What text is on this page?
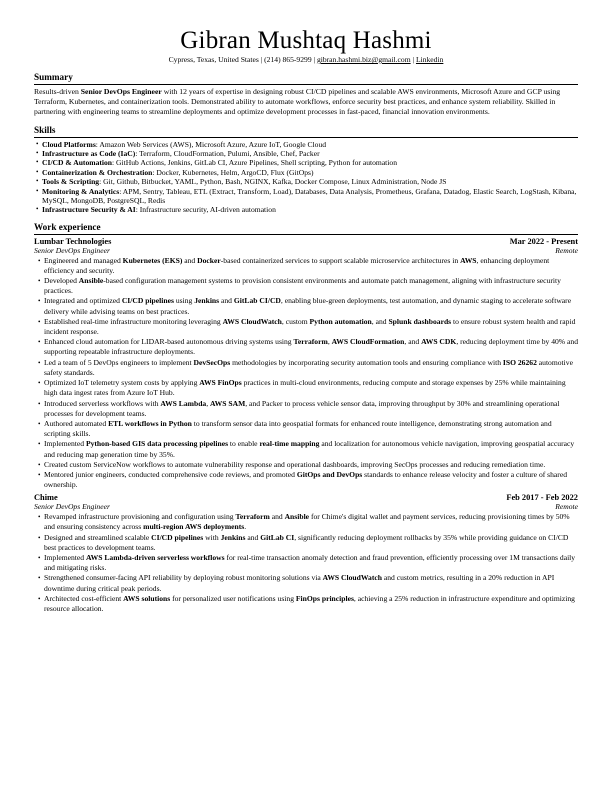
Gibran Mushtaq Hashmi
Cypress, Texas, United States | (214) 865-9299 | gibran.hashmi.biz@gmail.com | Linkedin
Summary
Results-driven Senior DevOps Engineer with 12 years of expertise in designing robust CI/CD pipelines and scalable AWS environments, Microsoft Azure and GCP using Terraform, Kubernetes, and containerization tools. Demonstrated ability to automate workflows, enforce security best practices, and enhance system reliability. Skilled in partnering with engineering teams to streamline deployments and optimize development processes in fast-paced, financial innovation environments.
Skills
• Cloud Platforms: Amazon Web Services (AWS), Microsoft Azure, Azure IoT, Google Cloud
• Infrastructure as Code (IaC): Terraform, CloudFormation, Pulumi, Ansible, Chef, Packer
• CI/CD & Automation: GitHub Actions, Jenkins, GitLab CI, Azure Pipelines, Shell scripting, Python for automation
• Containerization & Orchestration: Docker, Kubernetes, Helm, ArgoCD, Flux (GitOps)
• Tools & Scripting: Git, Github, Bitbucket, YAML, Python, Bash, NGINX, Kafka, Docker Compose, Linux Administration, Node JS
• Monitoring & Analytics: APM, Sentry, Tableau, ETL (Extract, Transform, Load), Databases, Data Analysis, Prometheus, Grafana, Datadog, Elastic Search, LogStash, Kibana, MySQL, MongoDB, PostgreSQL, Redis
• Infrastructure Security & AI: Infrastructure security, AI-driven automation
Work experience
Lumbar Technologies	Mar 2022 - Present
Senior DevOps Engineer	Remote
• Engineered and managed Kubernetes (EKS) and Docker-based containerized services to support scalable microservice architectures in AWS, enhancing deployment efficiency and security.
• Developed Ansible-based configuration management systems to provision consistent environments and automate patch management, aligning with infrastructure security practices.
• Integrated and optimized CI/CD pipelines using Jenkins and GitLab CI/CD, enabling blue-green deployments, test automation, and dynamic staging to accelerate software delivery while advising teams on best practices.
• Established real-time infrastructure monitoring leveraging AWS CloudWatch, custom Python automation, and Splunk dashboards to ensure robust system health and rapid incident response.
• Enhanced cloud automation for LIDAR-based autonomous driving systems using Terraform, AWS CloudFormation, and AWS CDK, reducing deployment time by 40% and supporting repeatable infrastructure deployments.
• Led a team of 5 DevOps engineers to implement DevSecOps methodologies by incorporating security automation tools and ensuring compliance with ISO 26262 automotive safety standards.
• Optimized IoT telemetry system costs by applying AWS FinOps practices in multi-cloud environments, reducing compute and storage expenses by 25% while maintaining high data ingest rates from Azure IoT Hub.
• Introduced serverless workflows with AWS Lambda, AWS SAM, and Packer to process vehicle sensor data, improving throughput by 30% and streamlining operational processes for development teams.
• Authored automated ETL workflows in Python to transform sensor data into geospatial formats for enhanced route intelligence, demonstrating strong automation and scripting skills.
• Implemented Python-based GIS data processing pipelines to enable real-time mapping and localization for autonomous vehicle navigation, improving geospatial accuracy and reducing map generation time by 35%.
• Created custom ServiceNow workflows to automate vulnerability response and operational dashboards, improving SecOps processes and reducing remediation time.
• Mentored junior engineers, conducted comprehensive code reviews, and promoted GitOps and DevOps standards to enhance release velocity and foster a culture of shared ownership.
Chime	Feb 2017 - Feb 2022
Senior DevOps Engineer	Remote
• Revamped infrastructure provisioning and configuration using Terraform and Ansible for Chime's digital wallet and payment services, reducing provisioning times by 50% and ensuring consistency across multi-region AWS deployments.
• Designed and streamlined scalable CI/CD pipelines with Jenkins and GitLab CI, significantly reducing deployment rollbacks by 35% while providing guidance on CI/CD best practices to development teams.
• Implemented AWS Lambda-driven serverless workflows for real-time transaction anomaly detection and fraud prevention, efficiently processing over 1M transactions daily and mitigating risks.
• Strengthened consumer-facing API reliability by deploying robust monitoring solutions via AWS CloudWatch and custom metrics, resulting in a 20% reduction in API downtime during critical peak periods.
• Architected cost-efficient AWS solutions for personalized user notifications using FinOps principles, achieving a 25% reduction in infrastructure expenditure and optimizing resource allocation.
